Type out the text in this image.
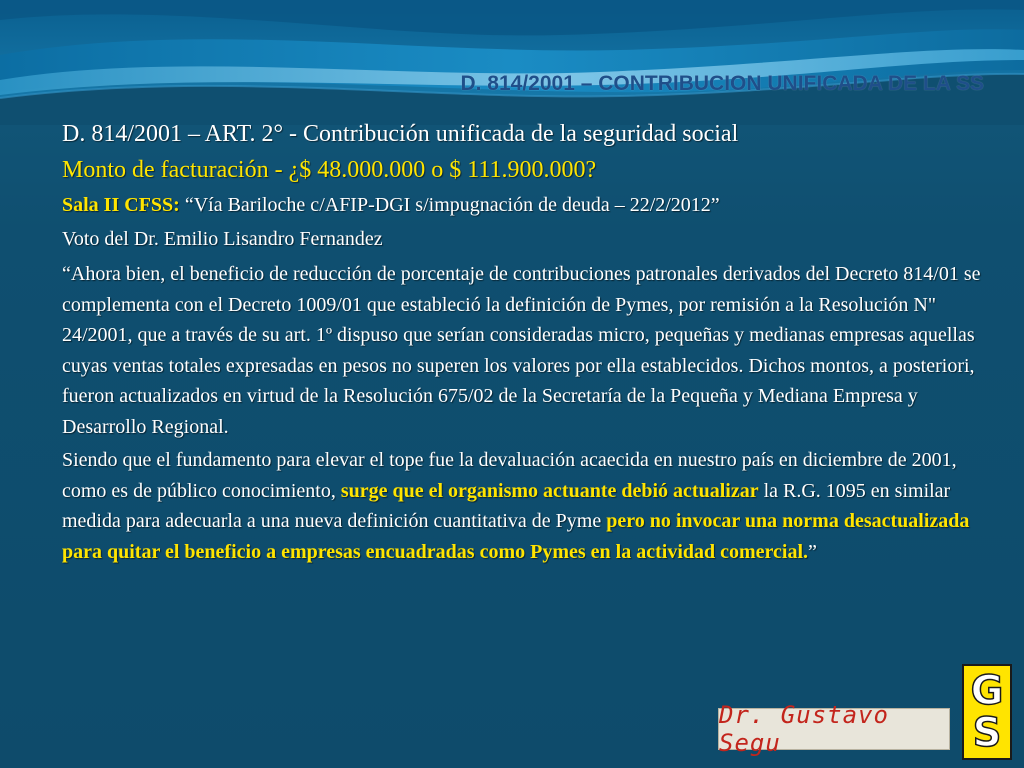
D. 814/2001 – CONTRIBUCION UNIFICADA DE LA SS

D. 814/2001 – ART. 2° - Contribución unificada de la seguridad social

Monto de facturación - ¿$ 48.000.000 o $ 111.900.000?

Sala II CFSS: “Vía Bariloche c/AFIP-DGI s/impugnación de deuda – 22/2/2012”

Voto del Dr. Emilio Lisandro Fernandez

“Ahora bien, el beneficio de reducción de porcentaje de contribuciones patronales derivados del Decreto 814/01 se complementa con el Decreto 1009/01 que estableció la definición de Pymes, por remisión a la Resolución N" 24/2001, que a través de su art. 1º dispuso que serían consideradas micro, pequeñas y medianas empresas aquellas cuyas ventas totales expresadas en pesos no superen los valores por ella establecidos. Dichos montos, a posteriori, fueron actualizados en virtud de la Resolución 675/02 de la Secretaría de la Pequeña y Mediana Empresa y Desarrollo Regional.

Siendo que el fundamento para elevar el tope fue la devaluación acaecida en nuestro país en diciembre de 2001, como es de público conocimiento, surge que el organismo actuante debió actualizar la R.G. 1095 en similar medida para adecuarla a una nueva definición cuantitativa de Pyme pero no invocar una norma desactualizada para quitar el beneficio a empresas encuadradas como Pymes en la actividad comercial.”

Dr. Gustavo Segu
G
S
